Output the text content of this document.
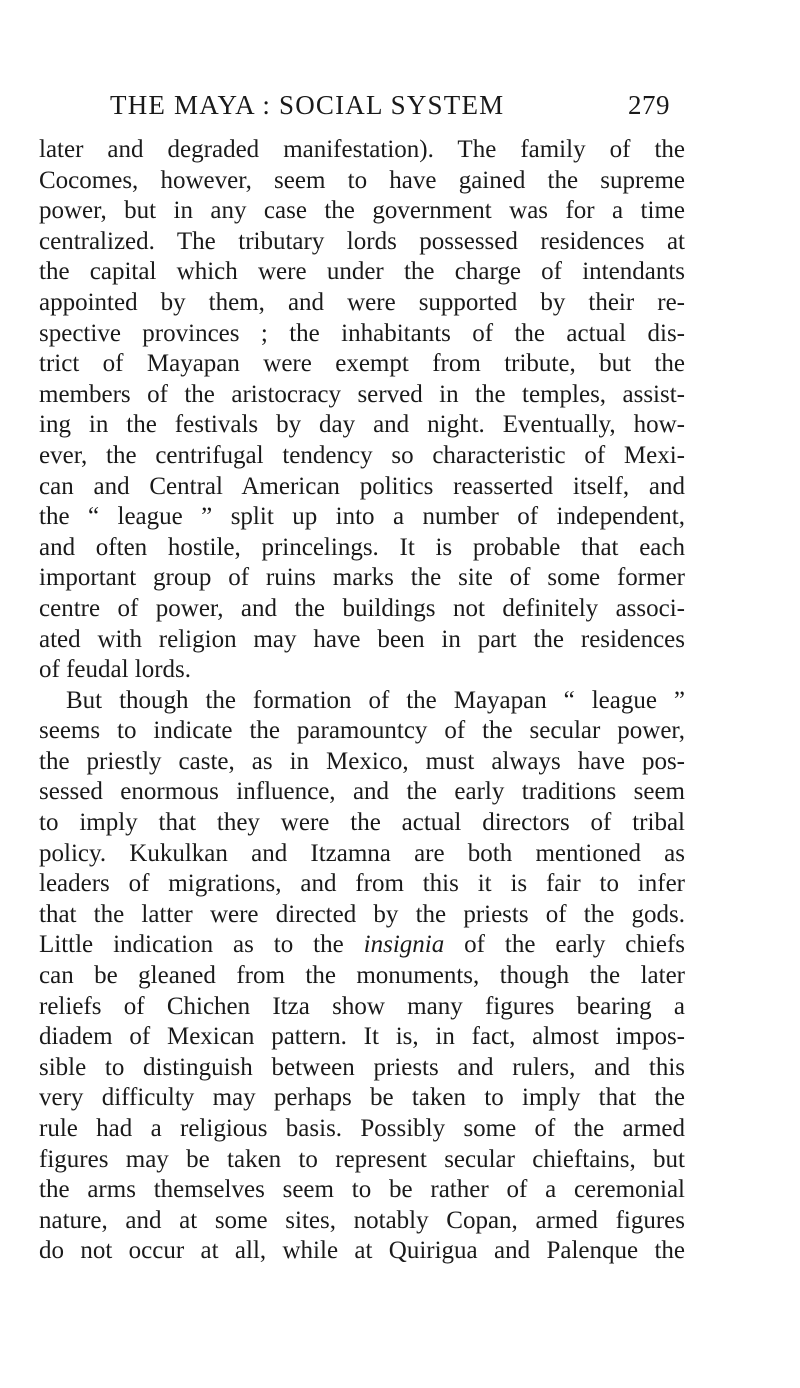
THE MAYA : SOCIAL SYSTEM	279
later and degraded manifestation). The family of the
Cocomes, however, seem to have gained the supreme
power, but in any case the government was for a time
centralized. The tributary lords possessed residences at
the capital which were under the charge of intendants
appointed by them, and were supported by their re-
spective provinces ; the inhabitants of the actual dis-
trict of Mayapan were exempt from tribute, but the
members of the aristocracy served in the temples, assist-
ing in the festivals by day and night. Eventually, how-
ever, the centrifugal tendency so characteristic of Mexi-
can and Central American politics reasserted itself, and
the “ league ” split up into a number of independent,
and often hostile, princelings. It is probable that each
important group of ruins marks the site of some former
centre of power, and the buildings not definitely associ-
ated with religion may have been in part the residences
of feudal lords.
But though the formation of the Mayapan “ league ”
seems to indicate the paramountcy of the secular power,
the priestly caste, as in Mexico, must always have pos-
sessed enormous influence, and the early traditions seem
to imply that they were the actual directors of tribal
policy. Kukulkan and Itzamna are both mentioned as
leaders of migrations, and from this it is fair to infer
that the latter were directed by the priests of the gods.
Little indication as to the insignia of the early chiefs
can be gleaned from the monuments, though the later
reliefs of Chichen Itza show many figures bearing a
diadem of Mexican pattern. It is, in fact, almost impos-
sible to distinguish between priests and rulers, and this
very difficulty may perhaps be taken to imply that the
rule had a religious basis. Possibly some of the armed
figures may be taken to represent secular chieftains, but
the arms themselves seem to be rather of a ceremonial
nature, and at some sites, notably Copan, armed figures
do not occur at all, while at Quirigua and Palenque the
